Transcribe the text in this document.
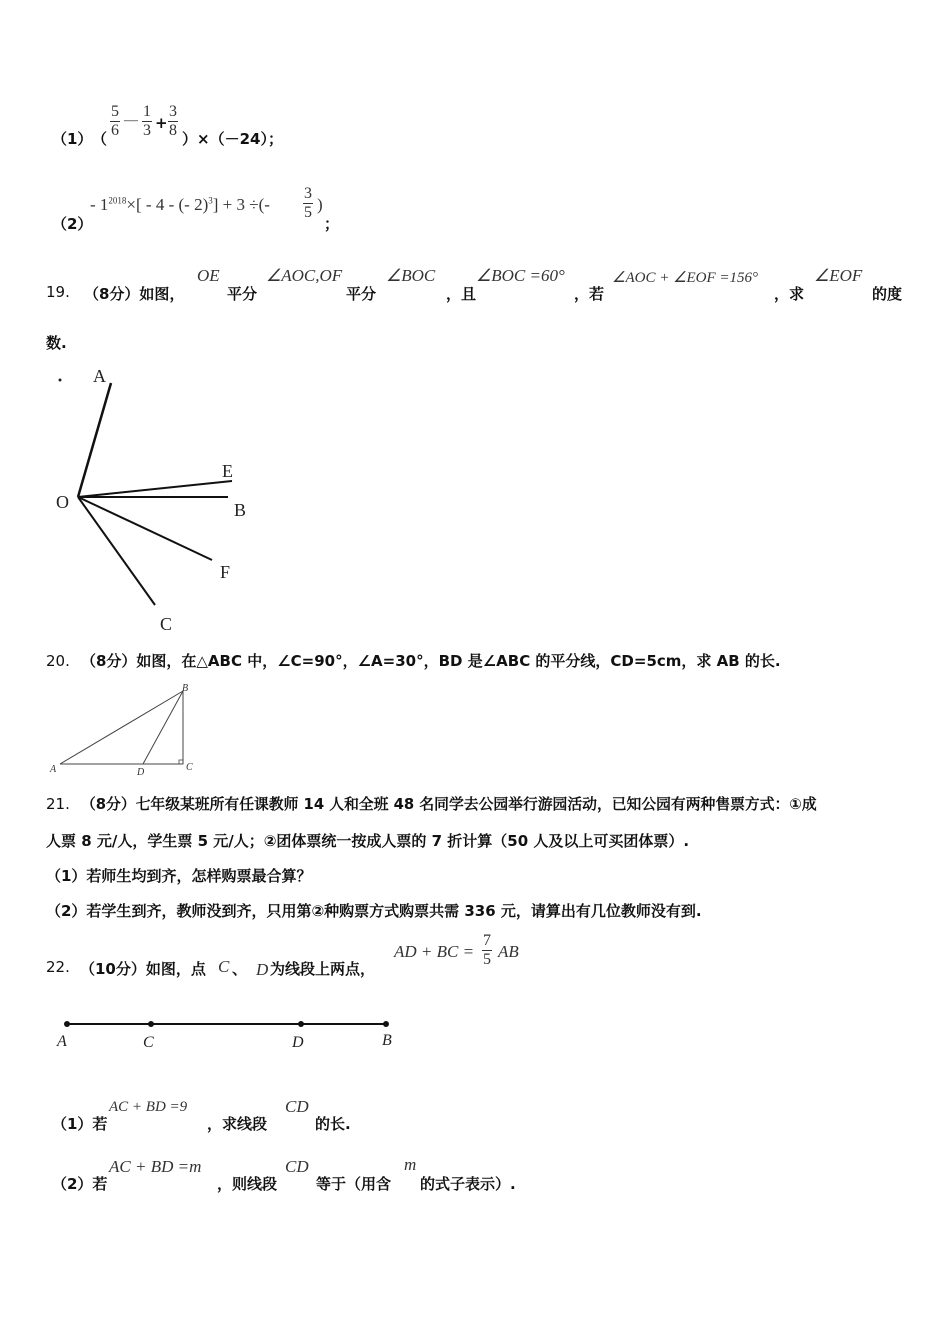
（1） （ $\frac{5}{6}$ — $\frac{1}{3} + \frac{3}{8} )\times(-24)$；
（2）
- $1^{2018}\times[ - 4$ - (- 2)$^3$] + 3 ÷(- $\frac{3}{5}$ )
；
19. （8分）如图，
OE
平分
∠AOC,OF
平分
∠BOC
，且
∠BOC =60°
，若
∠AOC + ∠EOF =156°
，求
∠EOF
的度
数.
A
O
E
B
F
C
20. （8分）如图，在△ABC 中，∠C=90°，∠A=30°，BD 是∠ABC 的平分线，CD=5cm，求 AB 的长.
A
B
C
D
21. （8分）七年级某班所有任课教师 14 人和全班 48 名同学去公园举行游园活动，已知公园有两种售票方式：①成
人票 8 元/人，学生票 5 元/人；②团体票统一按成人票的 7 折计算（50 人及以上可买团体票）.
（1）若师生均到齐，怎样购票最合算？
（2）若学生到齐，教师没到齐，只用第②种购票方式购票共需 336 元，请算出有几位教师没有到.
22. （10分）如图，点 C 、 D 为线段上两点，
AD + BC = $\frac{7}{5}$ AB
A	C	D	B
（1）若
AC + BD =9
，求线段
CD
的长.
（2）若
AC + BD =m
，则线段
CD
等于（用含
m
的式子表示）.
